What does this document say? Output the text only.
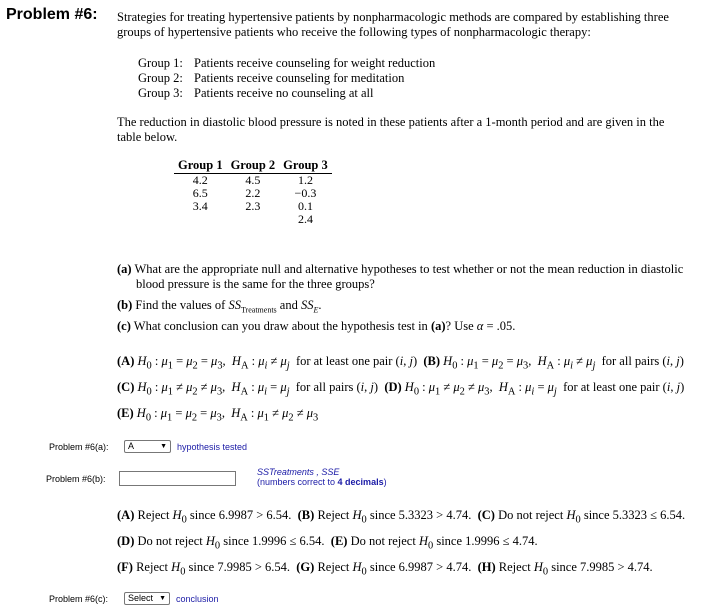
Problem #6: Strategies for treating hypertensive patients by nonpharmacologic methods are compared by establishing three
groups of hypertensive patients who receive the following types of nonpharmacologic therapy:
Group 1: Patients receive counseling for weight reduction
Group 2: Patients receive counseling for meditation
Group 3: Patients receive no counseling at all
The reduction in diastolic blood pressure is noted in these patients after a 1-month period and are given in the
table below.
Group 1	Group 2	Group 3
4.2	4.5	1.2
6.5	2.2	−0.3
3.4	2.3	0.1
		2.4
(a) What are the appropriate null and alternative hypotheses to test whether or not the mean reduction in diastolic
blood pressure is the same for the three groups?
(b) Find the values of $SS_{Treatments}$ and $SS_E$.
(c) What conclusion can you draw about the hypothesis test in (a)? Use α = .05.
(A) $H_0$ : $\mu_1 = \mu_2 = \mu_3$,  $H_A$ : $\mu_i \ne \mu_j$ for at least one pair (i, j)  (B) $H_0$ : $\mu_1 = \mu_2 = \mu_3$,  $H_A$ : $\mu_i \ne \mu_j$ for all pairs (i, j)
(C) $H_0$ : $\mu_1 \ne \mu_2 \ne \mu_3$,  $H_A$ : $\mu_i = \mu_j$ for all pairs (i, j)  (D) $H_0$ : $\mu_1 \ne \mu_2 \ne \mu_3$,  $H_A$ : $\mu_i = \mu_j$ for at least one pair (i, j)
(E) $H_0$ : $\mu_1 = \mu_2 = \mu_3$,  $H_A$ : $\mu_1 \ne \mu_2 \ne \mu_3$
Problem #6(a):	A	▼ hypothesis tested
Problem #6(b):
SSTreatments , SSE
(numbers correct to 4 decimals)
(A) Reject $H_0$ since 6.9987 > 6.54. (B) Reject $H_0$ since 5.3323 > 4.74. (C) Do not reject $H_0$ since 5.3323 ≤ 6.54.
(D) Do not reject $H_0$ since 1.9996 ≤ 6.54. (E) Do not reject $H_0$ since 1.9996 ≤ 4.74.
(F) Reject $H_0$ since 7.9985 > 6.54. (G) Reject $H_0$ since 6.9987 > 4.74. (H) Reject $H_0$ since 7.9985 > 4.74.
Problem #6(c):	Select ▼ conclusion
